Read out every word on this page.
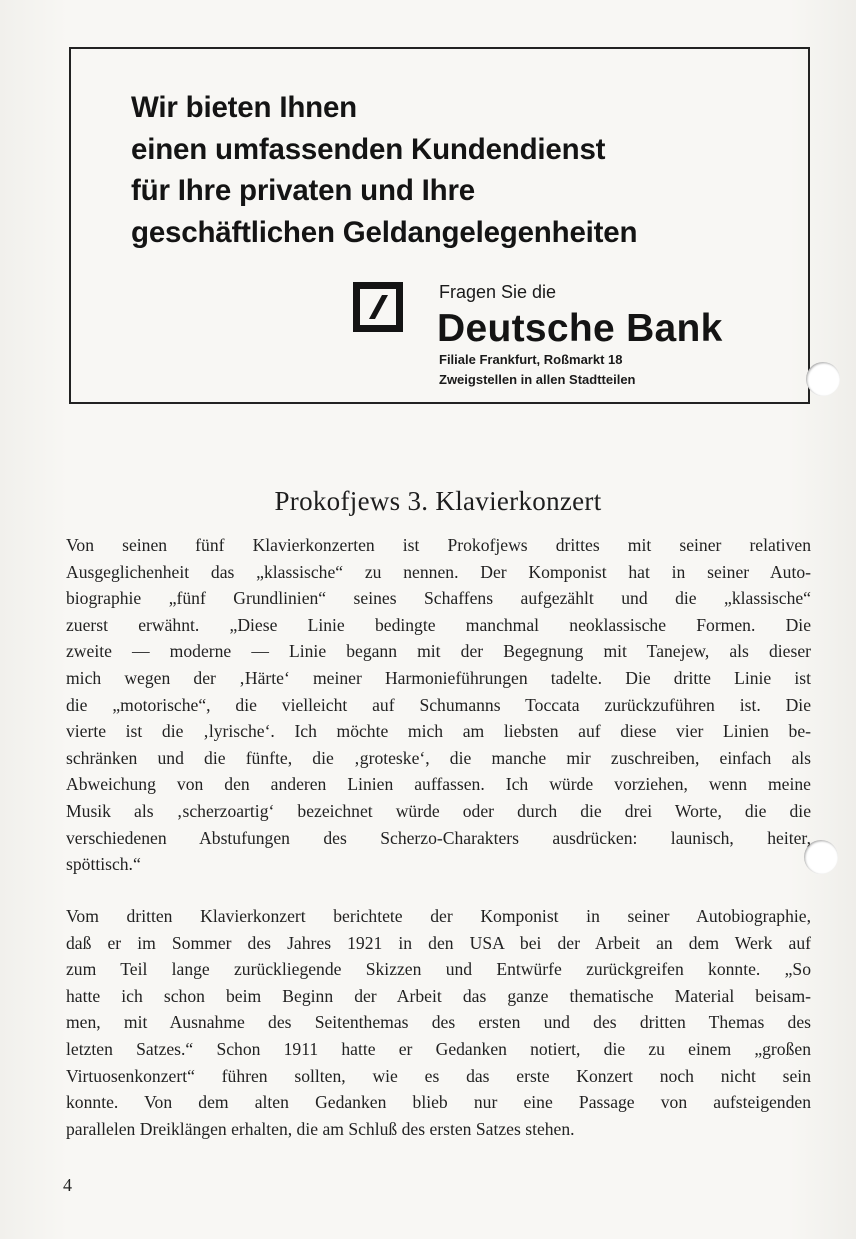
Wir bieten Ihnen
einen umfassenden Kundendienst
für Ihre privaten und Ihre
geschäftlichen Geldangelegenheiten
Fragen Sie die
Deutsche Bank
Filiale Frankfurt, Roßmarkt 18
Zweigstellen in allen Stadtteilen
Prokofjews 3. Klavierkonzert
Von seinen fünf Klavierkonzerten ist Prokofjews drittes mit seiner relativen
Ausgeglichenheit das „klassische“ zu nennen. Der Komponist hat in seiner Auto-
biographie „fünf Grundlinien“ seines Schaffens aufgezählt und die „klassische“
zuerst erwähnt. „Diese Linie bedingte manchmal neoklassische Formen. Die
zweite — moderne — Linie begann mit der Begegnung mit Tanejew, als dieser
mich wegen der ‚Härte‘ meiner Harmonieführungen tadelte. Die dritte Linie ist
die „motorische“, die vielleicht auf Schumanns Toccata zurückzuführen ist. Die
vierte ist die ‚lyrische‘. Ich möchte mich am liebsten auf diese vier Linien be-
schränken und die fünfte, die ‚groteske‘, die manche mir zuschreiben, einfach als
Abweichung von den anderen Linien auffassen. Ich würde vorziehen, wenn meine
Musik als ‚scherzoartig‘ bezeichnet würde oder durch die drei Worte, die die
verschiedenen Abstufungen des Scherzo-Charakters ausdrücken: launisch, heiter,
spöttisch.“
Vom dritten Klavierkonzert berichtete der Komponist in seiner Autobiographie,
daß er im Sommer des Jahres 1921 in den USA bei der Arbeit an dem Werk auf
zum Teil lange zurückliegende Skizzen und Entwürfe zurückgreifen konnte. „So
hatte ich schon beim Beginn der Arbeit das ganze thematische Material beisam-
men, mit Ausnahme des Seitenthemas des ersten und des dritten Themas des
letzten Satzes.“ Schon 1911 hatte er Gedanken notiert, die zu einem „großen
Virtuosenkonzert“ führen sollten, wie es das erste Konzert noch nicht sein
konnte. Von dem alten Gedanken blieb nur eine Passage von aufsteigenden
parallelen Dreiklängen erhalten, die am Schluß des ersten Satzes stehen.
4
